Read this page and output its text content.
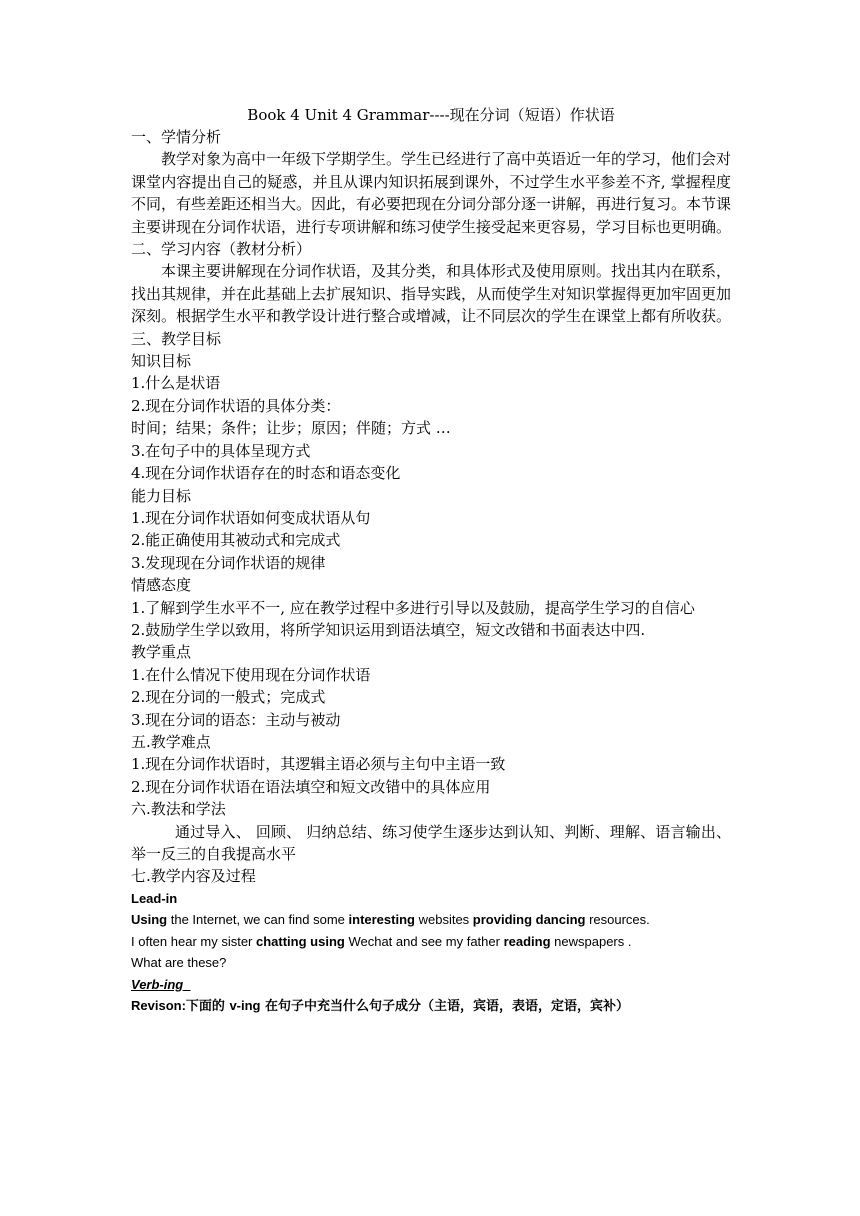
Book 4 Unit 4 Grammar----现在分词（短语）作状语

一、学情分析

教学对象为高中一年级下学期学生。学生已经进行了高中英语近一年的学习，他们会对课堂内容提出自己的疑惑，并且从课内知识拓展到课外，不过学生水平参差不齐, 掌握程度不同，有些差距还相当大。因此，有必要把现在分词分部分逐一讲解，再进行复习。本节课主要讲现在分词作状语，进行专项讲解和练习使学生接受起来更容易，学习目标也更明确。

二、学习内容（教材分析）

本课主要讲解现在分词作状语，及其分类，和具体形式及使用原则。找出其内在联系，找出其规律，并在此基础上去扩展知识、指导实践，从而使学生对知识掌握得更加牢固更加深刻。根据学生水平和教学设计进行整合或增减，让不同层次的学生在课堂上都有所收获。

三、教学目标

知识目标

1.什么是状语

2.现在分词作状语的具体分类：

时间；结果；条件；让步；原因；伴随；方式 …

3.在句子中的具体呈现方式

4.现在分词作状语存在的时态和语态变化

能力目标

1.现在分词作状语如何变成状语从句

2.能正确使用其被动式和完成式

3.发现现在分词作状语的规律

情感态度

1.了解到学生水平不一, 应在教学过程中多进行引导以及鼓励，提高学生学习的自信心

2.鼓励学生学以致用，将所学知识运用到语法填空，短文改错和书面表达中四.

教学重点

1.在什么情况下使用现在分词作状语

2.现在分词的一般式；完成式

3.现在分词的语态：主动与被动

五.教学难点

1.现在分词作状语时，其逻辑主语必须与主句中主语一致

2.现在分词作状语在语法填空和短文改错中的具体应用

六.教法和学法

通过导入、 回顾、 归纳总结、练习使学生逐步达到认知、判断、理解、语言输出、举一反三的自我提高水平

七.教学内容及过程

Lead-in

Using the Internet, we can find some interesting websites providing dancing resources.

I often hear my sister chatting using Wechat and see my father reading newspapers .

What are these?

Verb-ing

Revison:下面的 v-ing 在句子中充当什么句子成分（主语，宾语，表语，定语，宾补）
